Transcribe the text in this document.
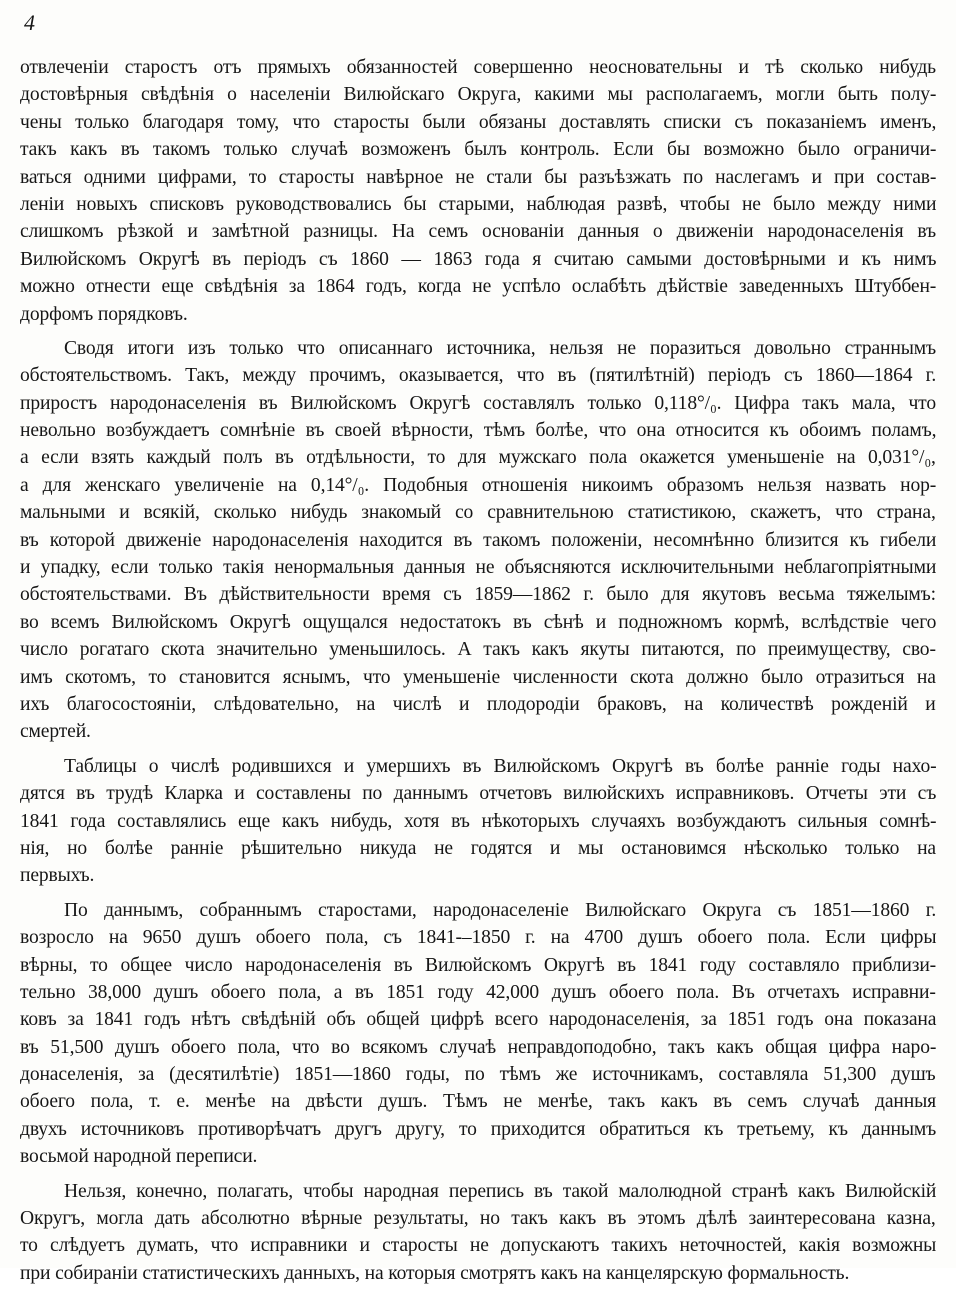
4
отвлеченіи старостъ отъ прямыхъ обязанностей совершенно неосновательны и тѣ сколько нибудь
достовѣрныя свѣдѣнія о населеніи Вилюйскаго Округа, какими мы располагаемъ, могли быть полу-
чены только благодаря тому, что старосты были обязаны доставлять списки съ показаніемъ именъ,
такъ какъ въ такомъ только случаѣ возможенъ былъ контроль. Если бы возможно было ограничи-
ваться одними цифрами, то старосты навѣрное не стали бы разъѣзжать по наслегамъ и при состав-
леніи новыхъ списковъ руководствовались бы старыми, наблюдая развѣ, чтобы не было между ними
слишкомъ рѣзкой и замѣтной разницы. На семъ основаніи данныя о движеніи народонаселенія въ
Вилюйскомъ Округѣ въ періодъ съ 1860 — 1863 года я считаю самыми достовѣрными и къ нимъ
можно отнести еще свѣдѣнія за 1864 годъ, когда не успѣло ослабѣть дѣйствіе заведенныхъ Штуббен-
дорфомъ порядковъ.
Сводя итоги изъ только что описаннаго источника, нельзя не поразиться довольно страннымъ
обстоятельствомъ. Такъ, между прочимъ, оказывается, что въ (пятилѣтній) періодъ съ 1860—1864 г.
приростъ народонаселенія въ Вилюйскомъ Округѣ составлялъ только 0,118°/₀. Цифра такъ мала, что
невольно возбуждаетъ сомнѣніе въ своей вѣрности, тѣмъ болѣе, что она относится къ обоимъ поламъ,
а если взять каждый полъ въ отдѣльности, то для мужскаго пола окажется уменьшеніе на 0,031°/₀,
а для женскаго увеличеніе на 0,14°/₀. Подобныя отношенія никоимъ образомъ нельзя назвать нор-
мальными и всякій, сколько нибудь знакомый со сравнительною статистикою, скажетъ, что страна,
въ которой движеніе народонаселенія находится въ такомъ положеніи, несомнѣнно близится къ гибели
и упадку, если только такія ненормальныя данныя не объясняются исключительными неблагопріятными
обстоятельствами. Въ дѣйствительности время съ 1859—1862 г. было для якутовъ весьма тяжелымъ:
во всемъ Вилюйскомъ Округѣ ощущался недостатокъ въ сѣнѣ и подножномъ кормѣ, вслѣдствіе чего
число рогатаго скота значительно уменьшилось. А такъ какъ якуты питаются, по преимуществу, сво-
имъ скотомъ, то становится яснымъ, что уменьшеніе численности скота должно было отразиться на
ихъ благосостояніи, слѣдовательно, на числѣ и плодородіи браковъ, на количествѣ рожденій и
смертей.
Таблицы о числѣ родившихся и умершихъ въ Вилюйскомъ Округѣ въ болѣе раннiе годы нахо-
дятся въ трудѣ Кларка и составлены по даннымъ отчетовъ вилюйскихъ исправниковъ. Отчеты эти съ
1841 года составлялись еще какъ нибудь, хотя въ нѣкоторыхъ случаяхъ возбуждаютъ сильныя сомнѣ-
нія, но болѣе раннiе рѣшительно никуда не годятся и мы остановимся нѣсколько только на
первыхъ.
По даннымъ, собраннымъ старостами, народонаселеніе Вилюйскаго Округа съ 1851—1860 г.
возросло на 9650 душъ обоего пола, съ 1841-–1850 г. на 4700 душъ обоего пола. Если цифры
вѣрны, то общее число народонаселенія въ Вилюйскомъ Округѣ въ 1841 году составляло приблизи-
тельно 38,000 душъ обоего пола, а въ 1851 году 42,000 душъ обоего пола. Въ отчетахъ исправни-
ковъ за 1841 годъ нѣтъ свѣдѣній объ общей цифрѣ всего народонаселенія, за 1851 годъ она показана
въ 51,500 душъ обоего пола, что во всякомъ случаѣ неправдоподобно, такъ какъ общая цифра наро-
донаселенія, за (десятилѣтіе) 1851—1860 годы, по тѣмъ же источникамъ, составляла 51,300 душъ
обоего пола, т. е. менѣе на двѣсти душъ. Тѣмъ не менѣе, такъ какъ въ семъ случаѣ данныя
двухъ источниковъ противорѣчатъ другъ другу, то приходится обратиться къ третьему, къ даннымъ
восьмой народной переписи.
Нельзя, конечно, полагать, чтобы народная перепись въ такой малолюдной странѣ какъ Вилюйскій
Округъ, могла дать абсолютно вѣрные результаты, но такъ какъ въ этомъ дѣлѣ заинтересована казна,
то слѣдуетъ думать, что исправники и старосты не допускаютъ такихъ неточностей, какія возможны
при собираніи статистическихъ данныхъ, на которыя смотрятъ какъ на канцелярскую формальность.
